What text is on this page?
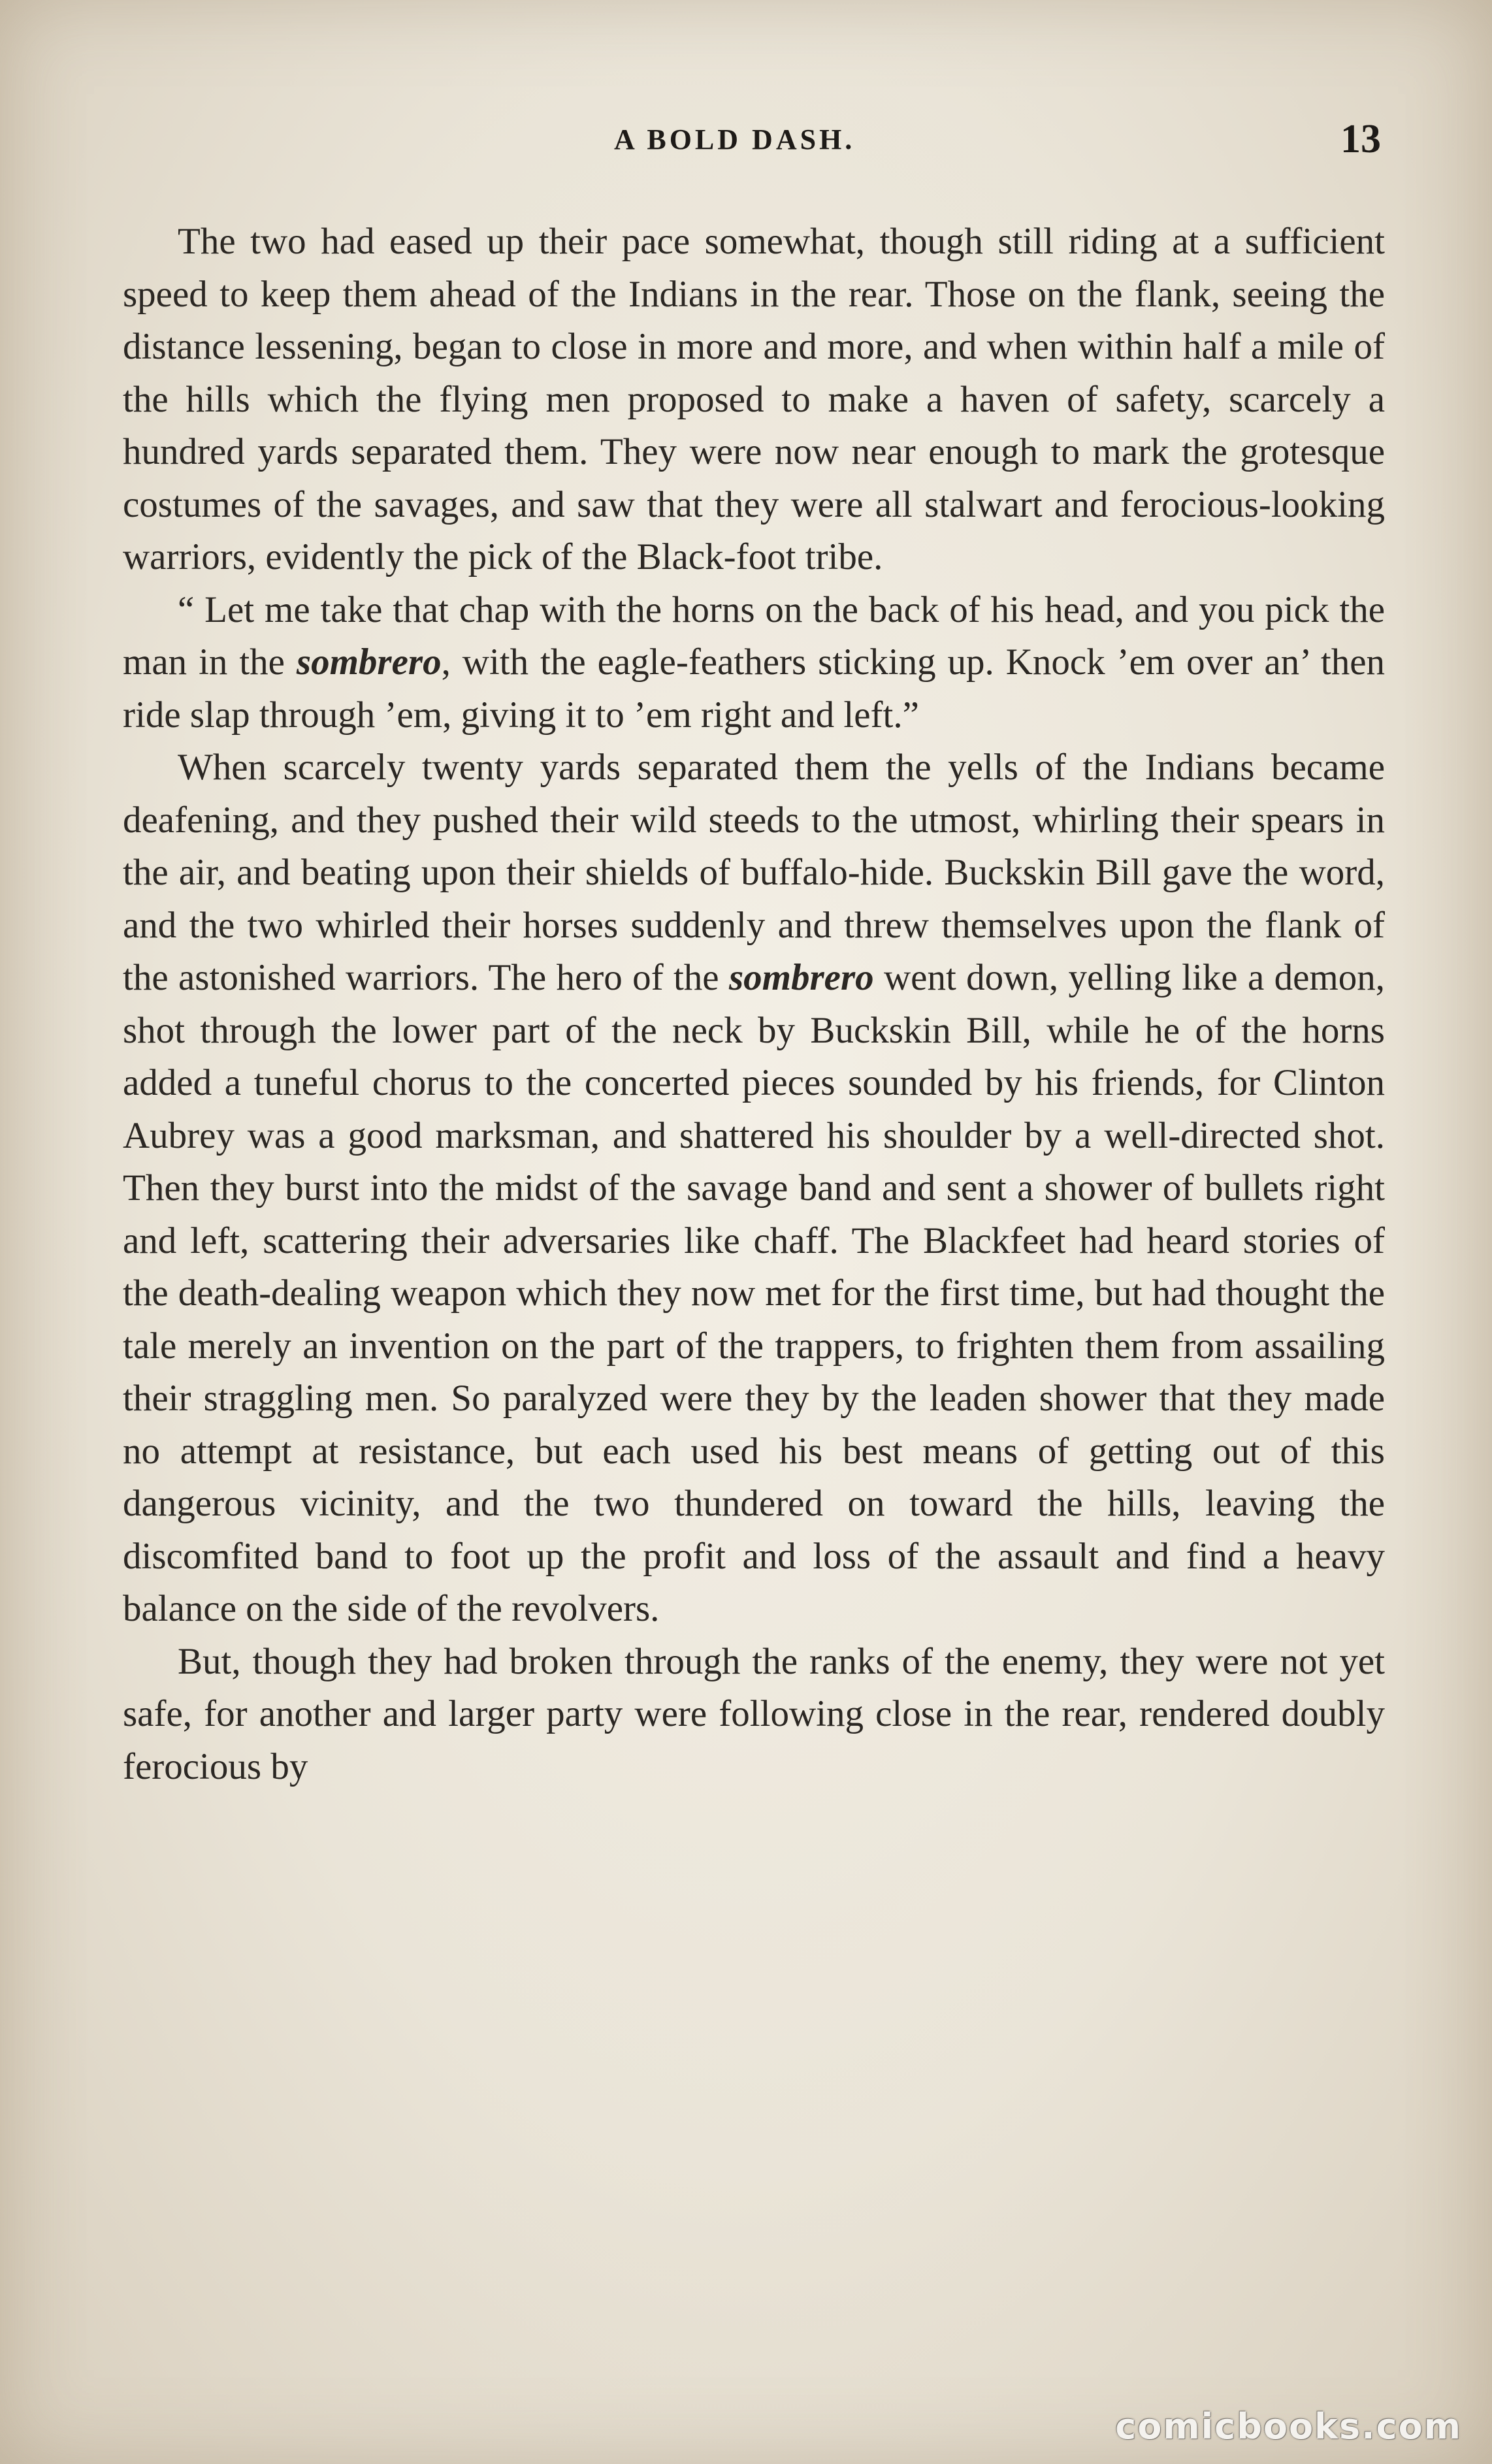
A BOLD DASH.	13

The two had eased up their pace somewhat, though still riding at a sufficient speed to keep them ahead of the Indians in the rear. Those on the flank, seeing the distance lessening, began to close in more and more, and when within half a mile of the hills which the flying men proposed to make a haven of safety, scarcely a hundred yards separated them. They were now near enough to mark the grotesque costumes of the savages, and saw that they were all stalwart and ferocious-looking warriors, evidently the pick of the Black-foot tribe.

“ Let me take that chap with the horns on the back of his head, and you pick the man in the sombrero, with the eagle-feathers sticking up. Knock ’em over an’ then ride slap through ’em, giving it to ’em right and left.”

When scarcely twenty yards separated them the yells of the Indians became deafening, and they pushed their wild steeds to the utmost, whirling their spears in the air, and beating upon their shields of buffalo-hide. Buckskin Bill gave the word, and the two whirled their horses suddenly and threw themselves upon the flank of the astonished warriors. The hero of the sombrero went down, yelling like a demon, shot through the lower part of the neck by Buckskin Bill, while he of the horns added a tuneful chorus to the concerted pieces sounded by his friends, for Clinton Aubrey was a good marksman, and shattered his shoulder by a well-directed shot. Then they burst into the midst of the savage band and sent a shower of bullets right and left, scattering their adversaries like chaff. The Blackfeet had heard stories of the death-dealing weapon which they now met for the first time, but had thought the tale merely an invention on the part of the trappers, to frighten them from assailing their straggling men. So paralyzed were they by the leaden shower that they made no attempt at resistance, but each used his best means of getting out of this dangerous vicinity, and the two thundered on toward the hills, leaving the discomfited band to foot up the profit and loss of the assault and find a heavy balance on the side of the revolvers.

But, though they had broken through the ranks of the enemy, they were not yet safe, for another and larger party were following close in the rear, rendered doubly ferocious by

comicbooks.com
